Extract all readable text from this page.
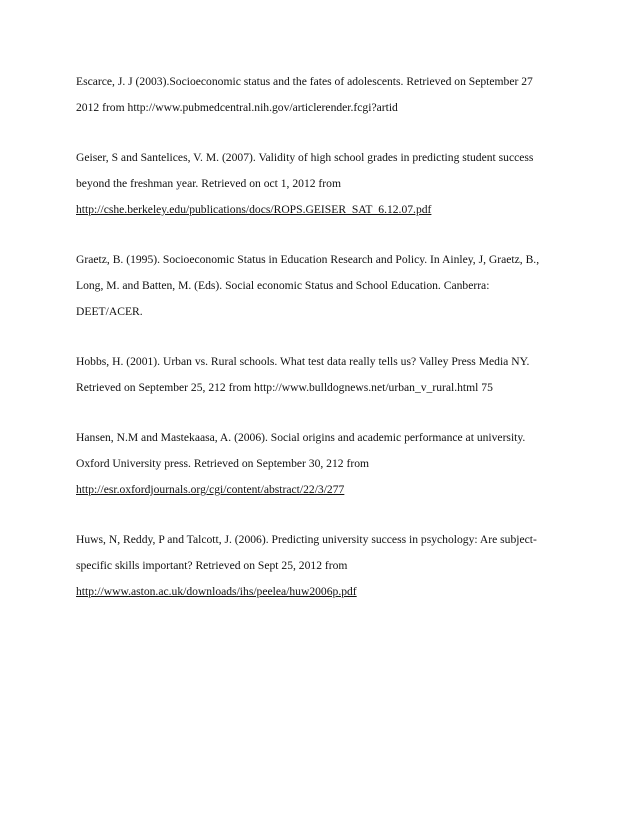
Escarce, J. J (2003).Socioeconomic status and the fates of adolescents. Retrieved on September 27
2012 from http://www.pubmedcentral.nih.gov/articlerender.fcgi?artid
Geiser, S and Santelices, V. M. (2007). Validity of high school grades in predicting student success
beyond the freshman year. Retrieved on oct 1, 2012 from
http://cshe.berkeley.edu/publications/docs/ROPS.GEISER_SAT_6.12.07.pdf
Graetz, B. (1995). Socioeconomic Status in Education Research and Policy. In Ainley, J, Graetz, B.,
Long, M. and Batten, M. (Eds). Social economic Status and School Education. Canberra:
DEET/ACER.
Hobbs, H. (2001). Urban vs. Rural schools. What test data really tells us? Valley Press Media NY.
Retrieved on September 25, 212 from http://www.bulldognews.net/urban_v_rural.html 75
Hansen, N.M and Mastekaasa, A. (2006). Social origins and academic performance at university.
Oxford University press. Retrieved on September 30, 212 from
http://esr.oxfordjournals.org/cgi/content/abstract/22/3/277
Huws, N, Reddy, P and Talcott, J. (2006). Predicting university success in psychology: Are subject-
specific skills important? Retrieved on Sept 25, 2012 from
http://www.aston.ac.uk/downloads/ihs/peelea/huw2006p.pdf
